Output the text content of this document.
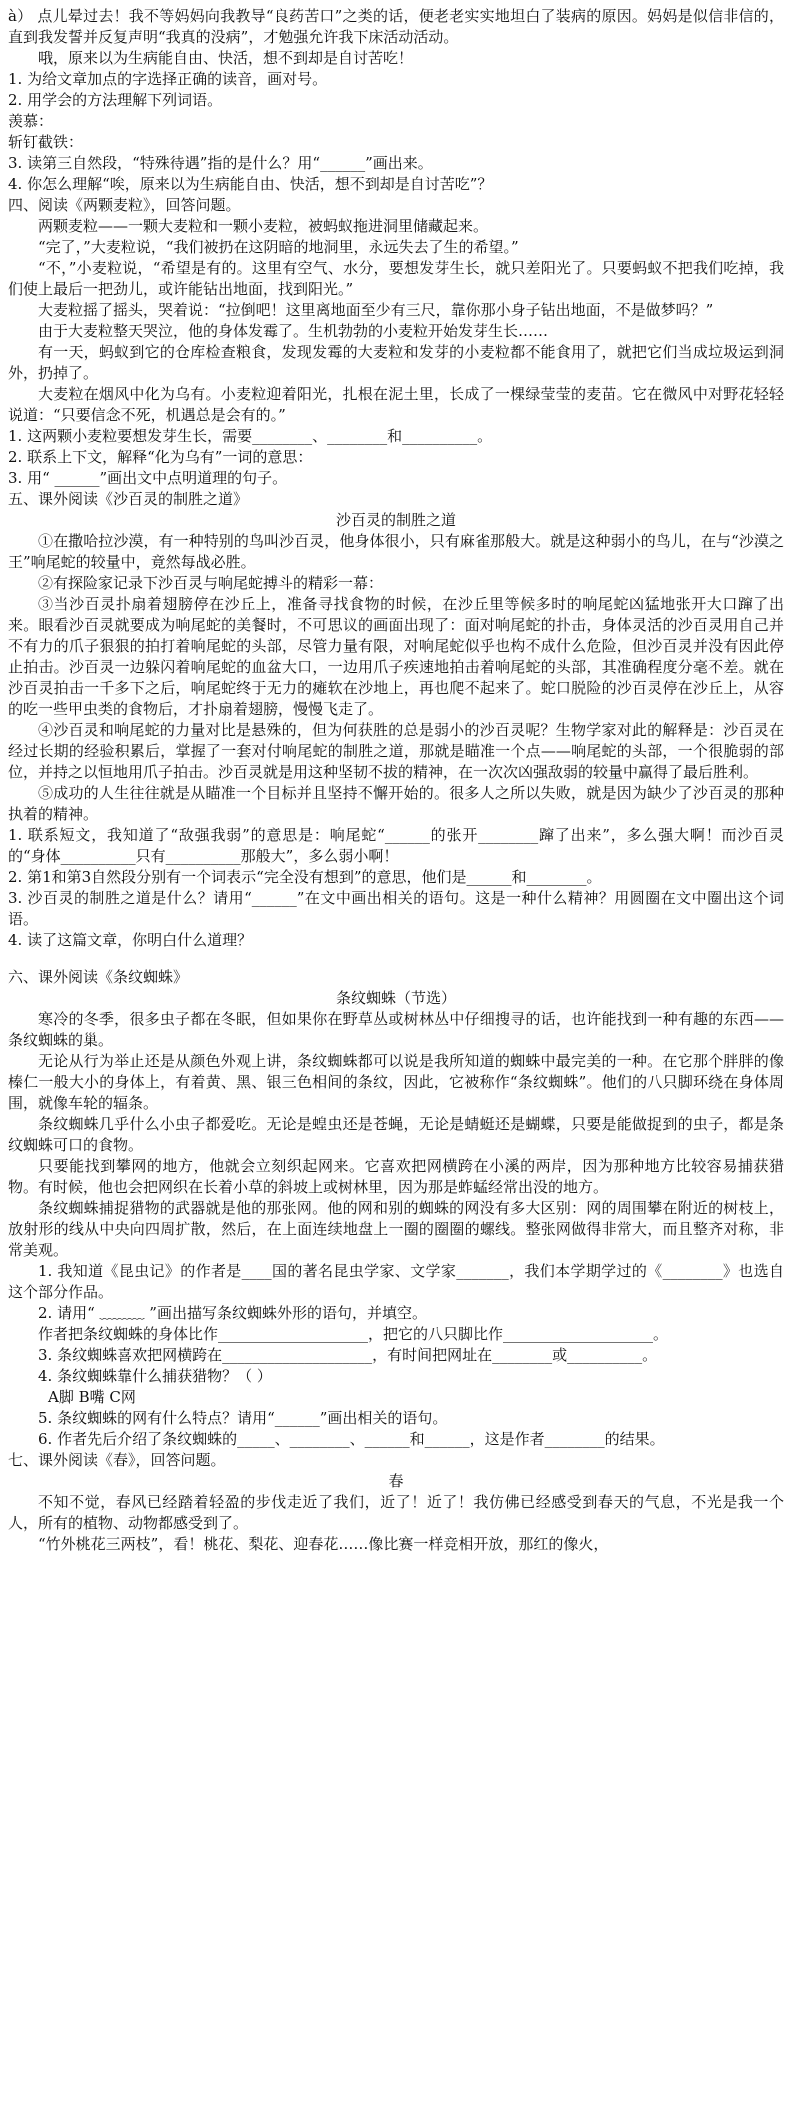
à） 点儿晕过去！我不等妈妈向我教导“良药苦口”之类的话，便老老实实地坦白了装病的原因。妈妈是似信非信的，直到我发誓并反复声明“我真的没病”，才勉强允许我下床活动活动。

哦，原来以为生病能自由、快活，想不到却是自讨苦吃！

1. 为给文章加点的字选择正确的读音，画对号。

2. 用学会的方法理解下列词语。

羡慕：

斩钉截铁：

3. 读第三自然段，“特殊待遇”指的是什么？用“______”画出来。

4. 你怎么理解“唉，原来以为生病能自由、快活，想不到却是自讨苦吃”？

四、阅读《两颗麦粒》，回答问题。

两颗麦粒——一颗大麦粒和一颗小麦粒，被蚂蚁拖进洞里储藏起来。

“完了，”大麦粒说，“我们被扔在这阴暗的地洞里，永远失去了生的希望。”

“不，”小麦粒说，“希望是有的。这里有空气、水分，要想发芽生长，就只差阳光了。只要蚂蚁不把我们吃掉，我们使上最后一把劲儿，或许能钻出地面，找到阳光。”

大麦粒摇了摇头，哭着说：“拉倒吧！这里离地面至少有三尺，靠你那小身子钻出地面，不是做梦吗？”

由于大麦粒整天哭泣，他的身体发霉了。生机勃勃的小麦粒开始发芽生长……

有一天，蚂蚁到它的仓库检查粮食，发现发霉的大麦粒和发芽的小麦粒都不能食用了，就把它们当成垃圾运到洞外，扔掉了。

大麦粒在烟风中化为乌有。小麦粒迎着阳光，扎根在泥土里，长成了一棵绿莹莹的麦苗。它在微风中对野花轻轻说道：“只要信念不死，机遇总是会有的。”

1. 这两颗小麦粒要想发芽生长，需要________、________和__________。

2. 联系上下文，解释“化为乌有”一词的意思：

3. 用“ ______”画出文中点明道理的句子。

五、课外阅读《沙百灵的制胜之道》

沙百灵的制胜之道

①在撒哈拉沙漠，有一种特别的鸟叫沙百灵，他身体很小，只有麻雀那般大。就是这种弱小的鸟儿，在与“沙漠之王”响尾蛇的较量中，竟然每战必胜。

②有探险家记录下沙百灵与响尾蛇搏斗的精彩一幕：

③当沙百灵扑扇着翅膀停在沙丘上，准备寻找食物的时候，在沙丘里等候多时的响尾蛇凶猛地张开大口蹿了出来。眼看沙百灵就要成为响尾蛇的美餐时，不可思议的画面出现了：面对响尾蛇的扑击，身体灵活的沙百灵用自己并不有力的爪子狠狠的拍打着响尾蛇的头部，尽管力量有限，对响尾蛇似乎也构不成什么危险，但沙百灵并没有因此停止拍击。沙百灵一边躲闪着响尾蛇的血盆大口，一边用爪子疾速地拍击着响尾蛇的头部，其准确程度分毫不差。就在沙百灵拍击一千多下之后，响尾蛇终于无力的瘫软在沙地上，再也爬不起来了。蛇口脱险的沙百灵停在沙丘上，从容的吃一些甲虫类的食物后，才扑扇着翅膀，慢慢飞走了。

④沙百灵和响尾蛇的力量对比是悬殊的，但为何获胜的总是弱小的沙百灵呢？生物学家对此的解释是：沙百灵在经过长期的经验积累后，掌握了一套对付响尾蛇的制胜之道，那就是瞄准一个点——响尾蛇的头部，一个很脆弱的部位，并持之以恒地用爪子拍击。沙百灵就是用这种坚韧不拔的精神，在一次次凶强敌弱的较量中赢得了最后胜利。

⑤成功的人生往往就是从瞄准一个目标并且坚持不懈开始的。很多人之所以失败，就是因为缺少了沙百灵的那种执着的精神。

1. 联系短文，我知道了“敌强我弱”的意思是：响尾蛇“______的张开________蹿了出来”，多么强大啊！而沙百灵的“身体__________只有__________那般大”，多么弱小啊！

2. 第1和第3自然段分别有一个词表示“完全没有想到”的意思，他们是______和________。

3. 沙百灵的制胜之道是什么？请用“______”在文中画出相关的语句。这是一种什么精神？用圆圈在文中圈出这个词语。

4. 读了这篇文章，你明白什么道理？

六、课外阅读《条纹蜘蛛》

条纹蜘蛛（节选）

寒冷的冬季，很多虫子都在冬眠，但如果你在野草丛或树林丛中仔细搜寻的话，也许能找到一种有趣的东西——条纹蜘蛛的巢。

无论从行为举止还是从颜色外观上讲，条纹蜘蛛都可以说是我所知道的蜘蛛中最完美的一种。在它那个胖胖的像榛仁一般大小的身体上，有着黄、黑、银三色相间的条纹，因此，它被称作“条纹蜘蛛”。他们的八只脚环绕在身体周围，就像车轮的辐条。

条纹蜘蛛几乎什么小虫子都爱吃。无论是蝗虫还是苍蝇，无论是蜻蜓还是蝴蝶，只要是能做捉到的虫子，都是条纹蜘蛛可口的食物。

只要能找到攀网的地方，他就会立刻织起网来。它喜欢把网横跨在小溪的两岸，因为那种地方比较容易捕获猎物。有时候，他也会把网织在长着小草的斜坡上或树林里，因为那是蚱蜢经常出没的地方。

条纹蜘蛛捕捉猎物的武器就是他的那张网。他的网和别的蜘蛛的网没有多大区别：网的周围攀在附近的树枝上，放射形的线从中央向四周扩散，然后，在上面连续地盘上一圈的圈圈的螺线。整张网做得非常大，而且整齐对称，非常美观。

1. 我知道《昆虫记》的作者是____国的著名昆虫学家、文学家_______，我们本学期学过的《________》也选自这个部分作品。

2. 请用“ ﹏﹏﹏ ”画出描写条纹蜘蛛外形的语句，并填空。

作者把条纹蜘蛛的身体比作____________________，把它的八只脚比作____________________。

3. 条纹蜘蛛喜欢把网横跨在____________________，有时间把网址在________或__________。

4. 条纹蜘蛛靠什么捕获猎物？（ ）

A脚 B嘴 C网

5. 条纹蜘蛛的网有什么特点？请用“______”画出相关的语句。

6. 作者先后介绍了条纹蜘蛛的_____、________、______和______，这是作者________的结果。

七、课外阅读《春》，回答问题。

春

不知不觉，春风已经踏着轻盈的步伐走近了我们，近了！近了！我仿佛已经感受到春天的气息，不光是我一个人，所有的植物、动物都感受到了。

“竹外桃花三两枝”，看！桃花、梨花、迎春花……像比赛一样竞相开放，那红的像火，
